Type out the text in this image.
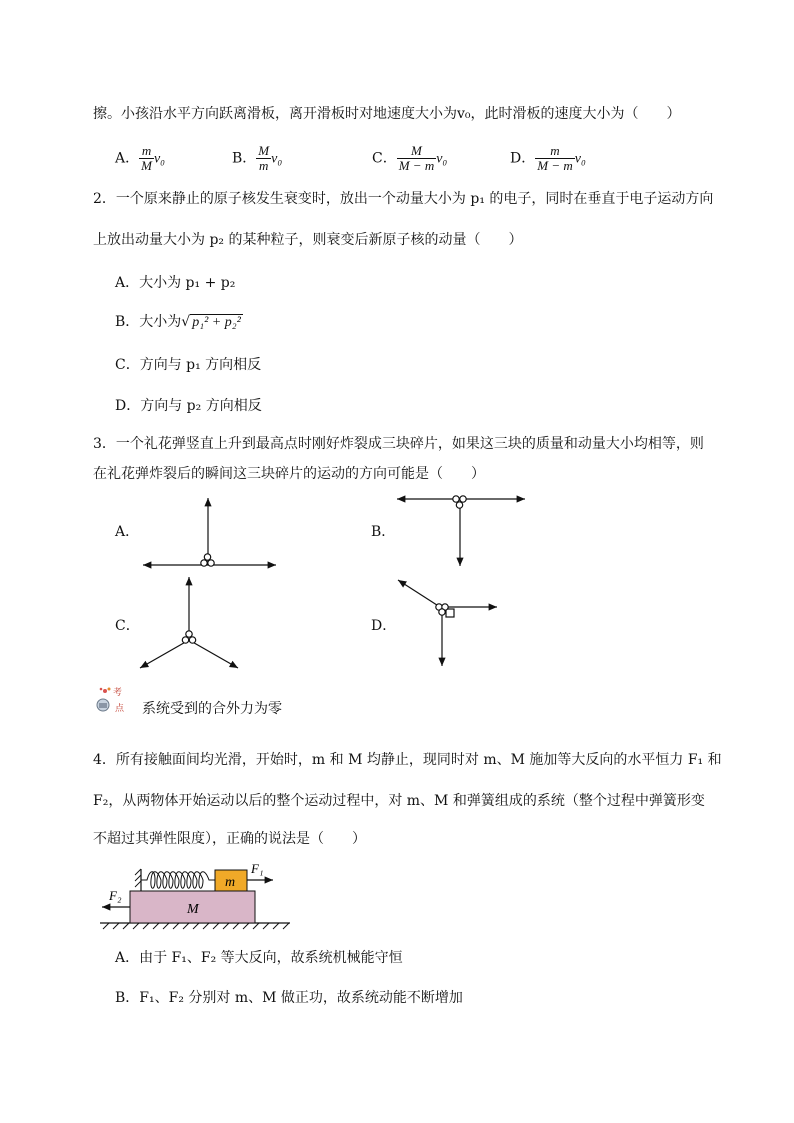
擦。小孩沿水平方向跃离滑板，离开滑板时对地速度大小为v₀，此时滑板的速度大小为（　　）
A． $\frac{m}{M} v_0$	B． $\frac{M}{m} v_0$	C． $\frac{M}{M - m} v_0$	D． $\frac{m}{M - m} v_0$
2．一个原来静止的原子核发生衰变时，放出一个动量大小为 p₁ 的电子，同时在垂直于电子运动方向
上放出动量大小为 p₂ 的某种粒子，则衰变后新原子核的动量（　　）
A．大小为 p₁ + p₂
B．大小为√ p₁² + p₂²
C．方向与 p₁ 方向相反
D．方向与 p₂ 方向相反
3．一个礼花弹竖直上升到最高点时刚好炸裂成三块碎片，如果这三块的质量和动量大小均相等，则
在礼花弹炸裂后的瞬间这三块碎片的运动的方向可能是（　　）
A．	B．
C．	D．
考
点 系统受到的合外力为零
4．所有接触面间均光滑，开始时，m 和 M 均静止，现同时对 m、M 施加等大反向的水平恒力 F₁ 和
F₂，从两物体开始运动以后的整个运动过程中，对 m、M 和弹簧组成的系统（整个过程中弹簧形变
不超过其弹性限度），正确的说法是（　　）
M
m
F₁
F₂
A．由于 F₁、F₂ 等大反向，故系统机械能守恒
B．F₁、F₂ 分别对 m、M 做正功，故系统动能不断增加
